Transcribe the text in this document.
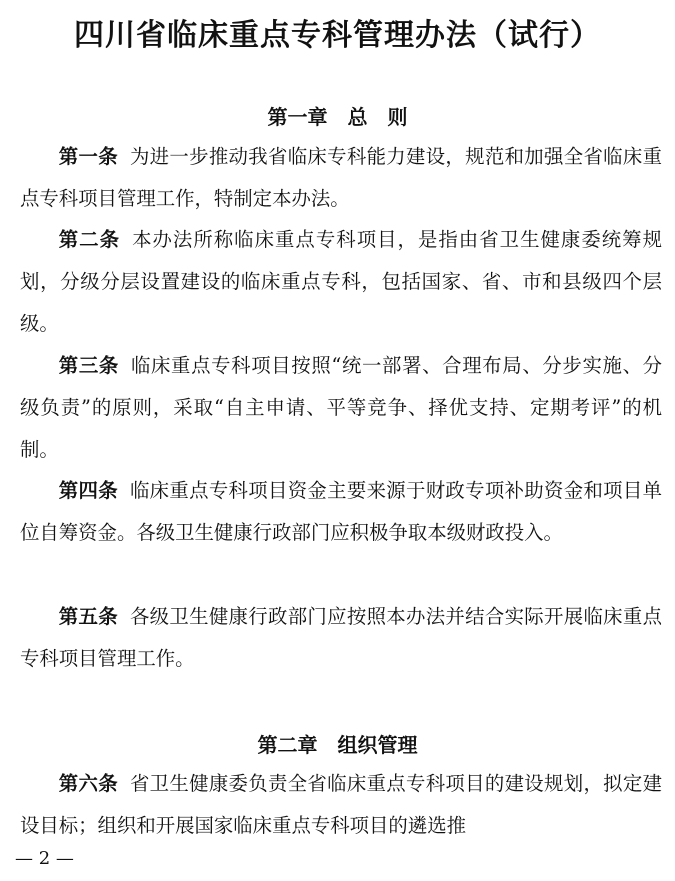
四川省临床重点专科管理办法（试行）
第一章　总　则

第一条 为进一步推动我省临床专科能力建设，规范和加强全省临床重点专科项目管理工作，特制定本办法。

第二条 本办法所称临床重点专科项目，是指由省卫生健康委统筹规划，分级分层设置建设的临床重点专科，包括国家、省、市和县级四个层级。

第三条 临床重点专科项目按照“统一部署、合理布局、分步实施、分级负责”的原则，采取“自主申请、平等竞争、择优支持、定期考评”的机制。

第四条 临床重点专科项目资金主要来源于财政专项补助资金和项目单位自筹资金。各级卫生健康行政部门应积极争取本级财政投入。

第五条 各级卫生健康行政部门应按照本办法并结合实际开展临床重点专科项目管理工作。

第二章　组织管理

第六条 省卫生健康委负责全省临床重点专科项目的建设规划，拟定建设目标；组织和开展国家临床重点专科项目的遴选推

— 2 —
